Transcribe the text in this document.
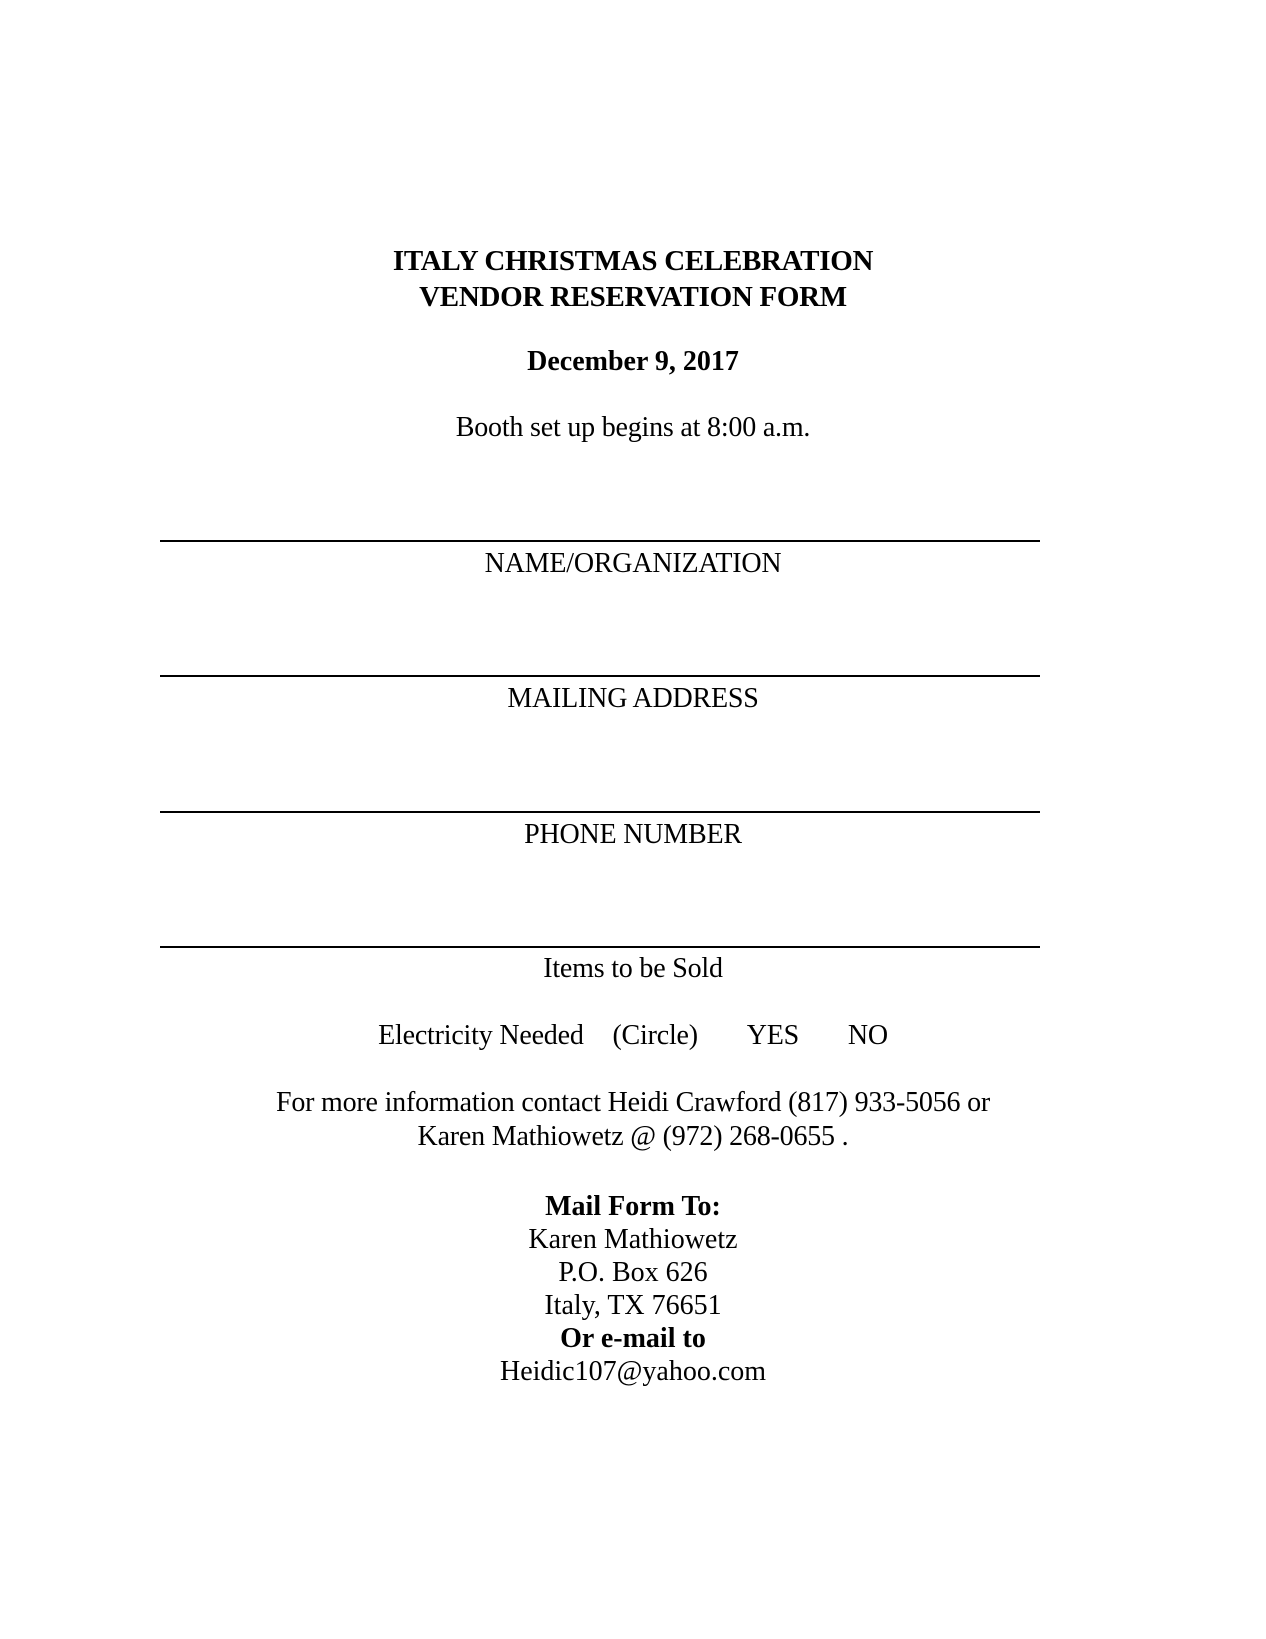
ITALY CHRISTMAS CELEBRATION
VENDOR RESERVATION FORM
December 9, 2017
Booth set up begins at 8:00 a.m.
NAME/ORGANIZATION
MAILING ADDRESS
PHONE NUMBER
Items to be Sold
Electricity Needed (Circle) YES NO
For more information contact Heidi Crawford (817) 933-5056 or
Karen Mathiowetz @ (972) 268-0655 .
Mail Form To:
Karen Mathiowetz
P.O. Box 626
Italy, TX 76651
Or e-mail to
Heidic107@yahoo.com
